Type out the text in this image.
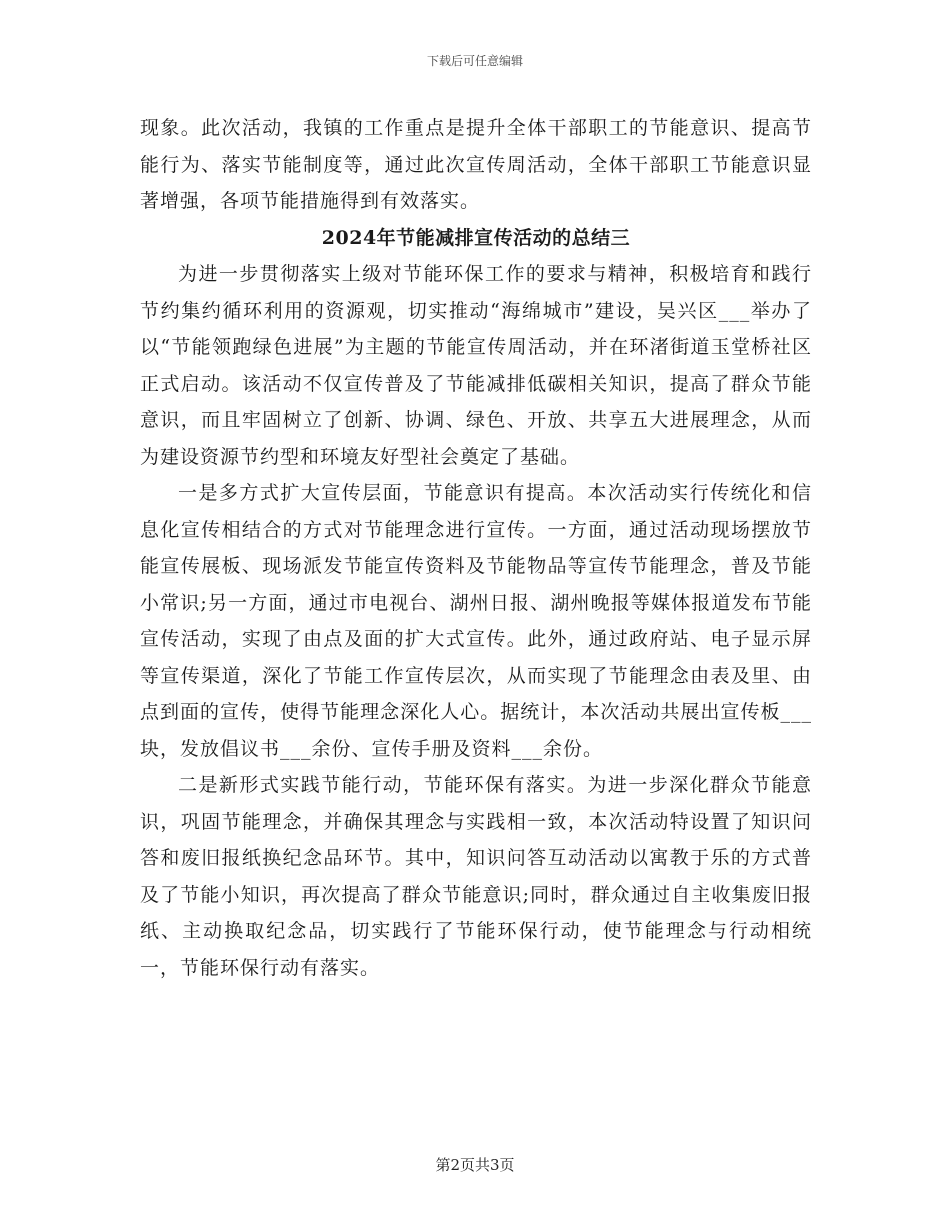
下载后可任意编辑

现象。此次活动，我镇的工作重点是提升全体干部职工的节能意识、提高节能行为、落实节能制度等，通过此次宣传周活动，全体干部职工节能意识显著增强，各项节能措施得到有效落实。

2024年节能减排宣传活动的总结三

为进一步贯彻落实上级对节能环保工作的要求与精神，积极培育和践行节约集约循环利用的资源观，切实推动“海绵城市”建设，吴兴区___举办了以“节能领跑绿色进展”为主题的节能宣传周活动，并在环渚街道玉堂桥社区正式启动。该活动不仅宣传普及了节能减排低碳相关知识，提高了群众节能意识，而且牢固树立了创新、协调、绿色、开放、共享五大进展理念，从而为建设资源节约型和环境友好型社会奠定了基础。

一是多方式扩大宣传层面，节能意识有提高。本次活动实行传统化和信息化宣传相结合的方式对节能理念进行宣传。一方面，通过活动现场摆放节能宣传展板、现场派发节能宣传资料及节能物品等宣传节能理念，普及节能小常识;另一方面，通过市电视台、湖州日报、湖州晚报等媒体报道发布节能宣传活动，实现了由点及面的扩大式宣传。此外，通过政府站、电子显示屏等宣传渠道，深化了节能工作宣传层次，从而实现了节能理念由表及里、由点到面的宣传，使得节能理念深化人心。据统计，本次活动共展出宣传板___块，发放倡议书___余份、宣传手册及资料___余份。

二是新形式实践节能行动，节能环保有落实。为进一步深化群众节能意识，巩固节能理念，并确保其理念与实践相一致，本次活动特设置了知识问答和废旧报纸换纪念品环节。其中，知识问答互动活动以寓教于乐的方式普及了节能小知识，再次提高了群众节能意识;同时，群众通过自主收集废旧报纸、主动换取纪念品，切实践行了节能环保行动，使节能理念与行动相统一，节能环保行动有落实。

第2页共3页
